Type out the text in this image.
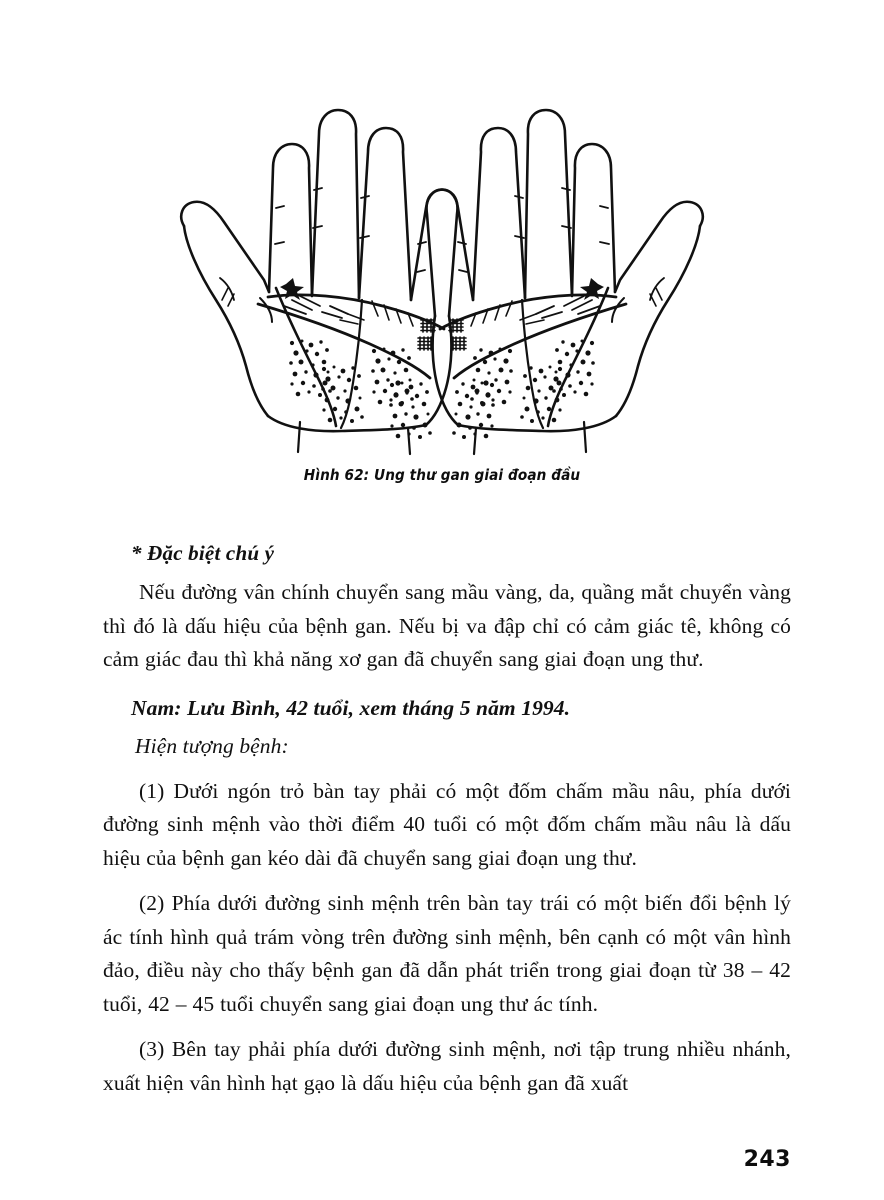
Hình 62: Ung thư gan giai đoạn đầu
* Đặc biệt chú ý

Nếu đường vân chính chuyển sang mầu vàng, da, quầng mắt chuyển vàng thì đó là dấu hiệu của bệnh gan. Nếu bị va đập chỉ có cảm giác tê, không có cảm giác đau thì khả năng xơ gan đã chuyển sang giai đoạn ung thư.

Nam: Lưu Bình, 42 tuổi, xem tháng 5 năm 1994.
Hiện tượng bệnh:

(1) Dưới ngón trỏ bàn tay phải có một đốm chấm mầu nâu, phía dưới đường sinh mệnh vào thời điểm 40 tuổi có một đốm chấm mầu nâu là dấu hiệu của bệnh gan kéo dài đã chuyển sang giai đoạn ung thư.

(2) Phía dưới đường sinh mệnh trên bàn tay trái có một biến đổi bệnh lý ác tính hình quả trám vòng trên đường sinh mệnh, bên cạnh có một vân hình đảo, điều này cho thấy bệnh gan đã dẫn phát triển trong giai đoạn từ 38 – 42 tuổi, 42 – 45 tuổi chuyển sang giai đoạn ung thư ác tính.

(3) Bên tay phải phía dưới đường sinh mệnh, nơi tập trung nhiều nhánh, xuất hiện vân hình hạt gạo là dấu hiệu của bệnh gan đã xuất

243
